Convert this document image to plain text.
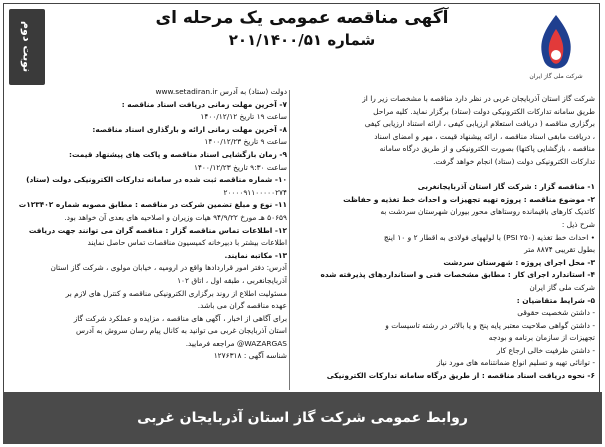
شرکت ملی گاز ایران
آگهی مناقصه عمومی یک مرحله ای
شماره ۲۰۱/۱۴۰۰/۵۱
نوبت دوم

شرکت گاز استان آذربایجان غربی در نظر دارد مناقصه با مشخصات زیر را از

طریق سامانه تدارکات الکترونیکی دولت (ستاد) برگزار نماید. کلیه مراحل

برگزاری مناقصه ( دریافت استعلام ارزیابی کیفی ، ارائه استناد ارزیابی کیفی

، دریافت مابقی اسناد مناقصه ، ارائه پیشنهاد قیمت ، مهر و امضای اسناد

مناقصه ، بازگشایی پاکتها) بصورت الکترونیکی و از طریق درگاه سامانه

تدارکات الکترونیکی دولت (ستاد) انجام خواهد گرفت.

۱- مناقصه گزار : شرکت گاز استان آذربایجانغربی

۲- موضوع مناقصه : پروژه تهیه تجهیزات و احداث خط تغذیه و حفاظت

کاتدیک کارهای باقیمانده روستاهای محور بیوران شهرستان سردشت به

شرح ذیل :

• احداث خط تغذیه (PSI ۲۵۰) با لولههای فولادی به اقطار ۲ و ۱۰ اینچ

بطول تقریبی ۸۸۷۴ متر

۳- محل اجرای پروژه : شهرستان سردشت

۴- استاندارد اجرای کار : مطابق مشخصات فنی و استانداردهای پذیرفته شده

شرکت ملی گاز ایران

۵- شرایط متقاضیان :

- داشتن شخصیت حقوقی

- داشتن گواهی صلاحیت معتبر پایه پنج و یا بالاتر در رشته تاسیسات و

تجهیزات از سازمان برنامه و بودجه

- داشتن ظرفیت خالی ارجاع کار

- توانائی تهیه و تسلیم انواع ضمانتنامه های مورد نیاز

۶- نحوه دریافت اسناد مناقصه : از طریق درگاه سامانه تدارکات الکترونیکی

دولت (ستاد) به آدرس www.setadiran.ir

۷- آخرین مهلت زمانی دریافت اسناد مناقصه :

ساعت ۱۹ تاریخ ۱۴۰۰/۱۲/۱۲

۸- آخرین مهلت زمانی ارائه و بارگذاری اسناد مناقصه:

ساعت ۹ تاریخ ۱۴۰۰/۱۲/۲۳

۹- زمان بازگشایی اسناد مناقصه و پاکت های پیشنهاد قیمت:

ساعت ۹:۳۰ تاریخ ۱۴۰۰/۱۲/۲۳

۱۰- شماره مناقصه ثبت شده در سامانه تدارکات الکترونیکی دولت (ستاد)

۲۰۰۰۰۹۱۱۰۰۰۰۰۲۷۴

۱۱- نوع و مبلغ تضمین شرکت در مناقصه : مطابق مصوبه شماره ۱۲۳۴۰۲ت

۵۰۶۵۹ هـ مورخ ۹۴/۹/۲۲ هیات وزیران و اصلاحیه های بعدی آن خواهد بود.

۱۲- اطلاعات تماس مناقصه گزار : مناقصه گران می توانند جهت دریافت

اطلاعات بیشتر با دبیرخانه کمیسیون مناقصات تماس حاصل نمایند

۱۳- مکاتبه نمایند.

آدرس: دفتر امور قراردادها واقع در ارومیه ، خیابان مولوی ، شرکت گاز استان

آذربایجانغربی ، طبقه اول ، اتاق ۱۰۲

مسئولیت اطلاع از روند برگزاری الکترونیکی مناقصه و کنترل های لازم بر

عهده مناقصه گران می باشد.

برای آگاهی از اخبار ، آگهی های مناقصه ، مزایده و عملکرد شرکت گاز

استان آذربایجان غربی می توانید به کانال پیام رسان سروش به آدرس

WAZARGAS@ مراجعه فرمایید.

شناسه آگهی : ۱۲۷۶۳۱۸

روابط عمومی شرکت گاز استان آذربایجان غربی
